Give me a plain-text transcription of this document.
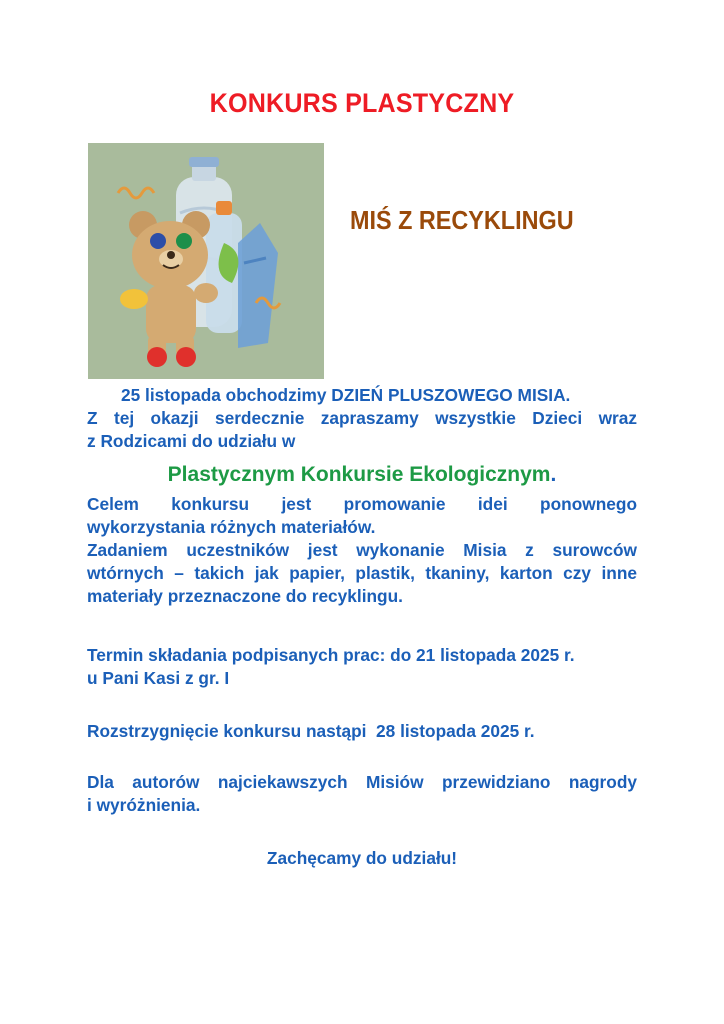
KONKURS PLASTYCZNY
MIŚ Z RECYKLINGU
25 listopada obchodzimy DZIEŃ PLUSZOWEGO MISIA.
Z tej okazji serdecznie zapraszamy wszystkie Dzieci wraz
z Rodzicami do udziału w
Plastycznym Konkursie Ekologicznym.
Celem konkursu jest promowanie idei ponownego
wykorzystania różnych materiałów.
Zadaniem uczestników jest wykonanie Misia z surowców
wtórnych – takich jak papier, plastik, tkaniny, karton czy inne
materiały przeznaczone do recyklingu.
Termin składania podpisanych prac: do 21 listopada 2025 r.
u Pani Kasi z gr. I
Rozstrzygnięcie konkursu nastąpi  28 listopada 2025 r.
Dla autorów najciekawszych Misiów przewidziano nagrody
i wyróżnienia.
Zachęcamy do udziału!
